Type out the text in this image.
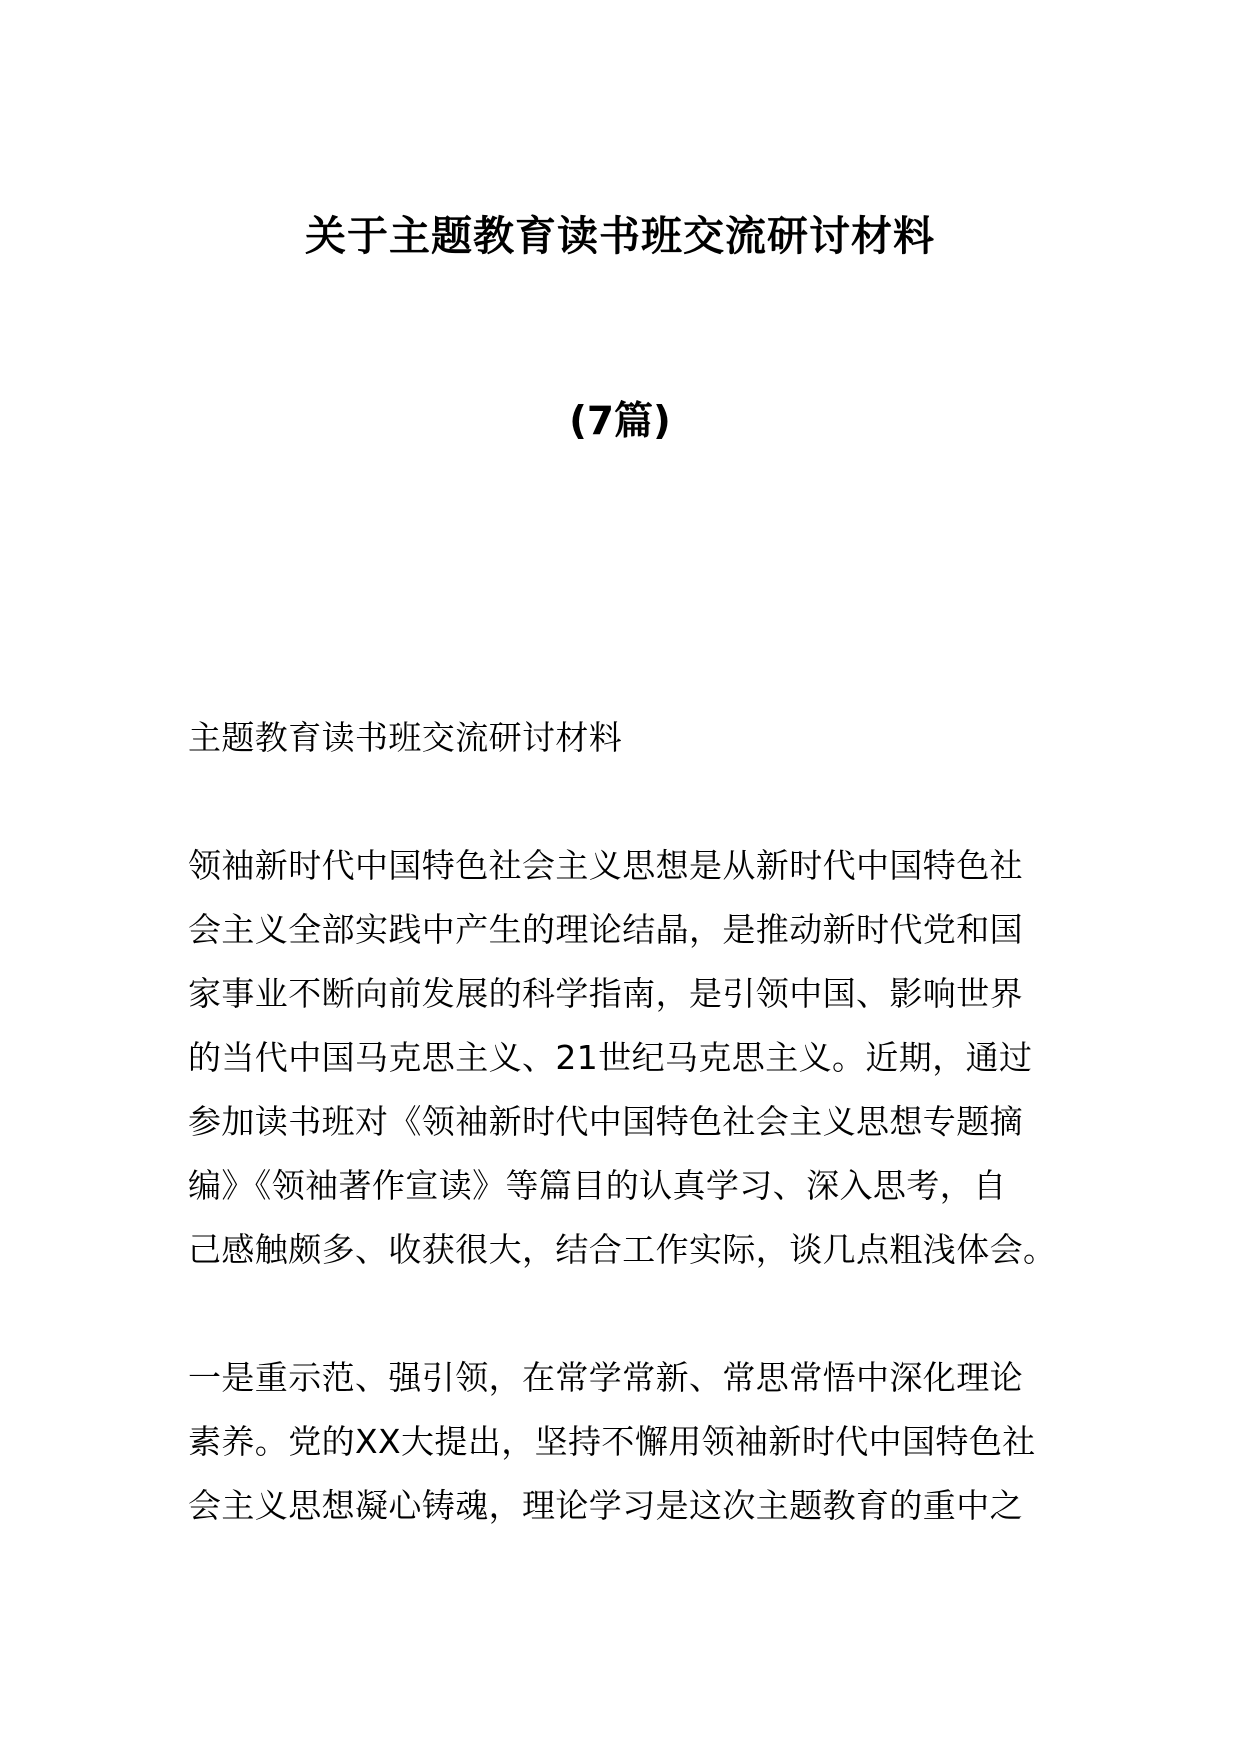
关于主题教育读书班交流研讨材料
(7篇)
主题教育读书班交流研讨材料
领袖新时代中国特色社会主义思想是从新时代中国特色社
会主义全部实践中产生的理论结晶，是推动新时代党和国
家事业不断向前发展的科学指南，是引领中国、影响世界
的当代中国马克思主义、21世纪马克思主义。近期，通过
参加读书班对《领袖新时代中国特色社会主义思想专题摘
编》《领袖著作宣读》等篇目的认真学习、深入思考，自
己感触颇多、收获很大，结合工作实际，谈几点粗浅体会。
一是重示范、强引领，在常学常新、常思常悟中深化理论
素养。党的XX大提出，坚持不懈用领袖新时代中国特色社
会主义思想凝心铸魂，理论学习是这次主题教育的重中之
